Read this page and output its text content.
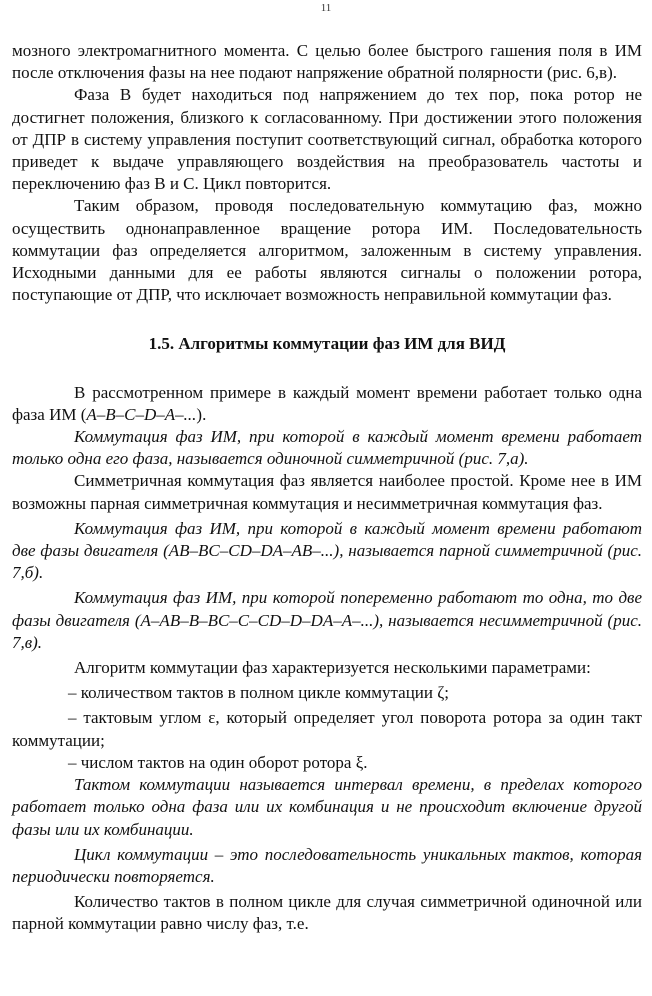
11

мозного электромагнитного момента. С целью более быстрого гашения поля в ИМ после отключения фазы на нее подают напряжение обратной полярности (рис. 6,в).

Фаза В будет находиться под напряжением до тех пор, пока ротор не достигнет положения, близкого к согласованному. При достижении этого положения от ДПР в систему управления поступит соответствующий сигнал, обработка которого приведет к выдаче управляющего воздействия на преобразователь частоты и переключению фаз В и С. Цикл повторится.

Таким образом, проводя последовательную коммутацию фаз, можно осуществить однонаправленное вращение ротора ИМ. Последовательность коммутации фаз определяется алгоритмом, заложенным в систему управления. Исходными данными для ее работы являются сигналы о положении ротора, поступающие от ДПР, что исключает возможность неправильной коммутации фаз.

1.5. Алгоритмы коммутации фаз ИМ для ВИД

В рассмотренном примере в каждый момент времени работает только одна фаза ИМ (A–B–C–D–A–...).

Коммутация фаз ИМ, при которой в каждый момент времени работает только одна его фаза, называется одиночной симметричной (рис. 7,а).

Симметричная коммутация фаз является наиболее простой. Кроме нее в ИМ возможны парная симметричная коммутация и несимметричная коммутация фаз.

Коммутация фаз ИМ, при которой в каждый момент времени работают две фазы двигателя (AB–BC–CD–DA–AB–...), называется парной симметричной (рис. 7,б).

Коммутация фаз ИМ, при которой попеременно работают то одна, то две фазы двигателя (A–AB–B–BC–C–CD–D–DA–A–...), называется несимметричной (рис. 7,в).

Алгоритм коммутации фаз характеризуется несколькими параметрами:

– количеством тактов в полном цикле коммутации ζ;

– тактовым углом ε, который определяет угол поворота ротора за один такт коммутации;

– числом тактов на один оборот ротора ξ.

Тактом коммутации называется интервал времени, в пределах которого работает только одна фаза или их комбинация и не происходит включение другой фазы или их комбинации.

Цикл коммутации – это последовательность уникальных тактов, которая периодически повторяется.

Количество тактов в полном цикле для случая симметричной одиночной или парной коммутации равно числу фаз, т.е.
